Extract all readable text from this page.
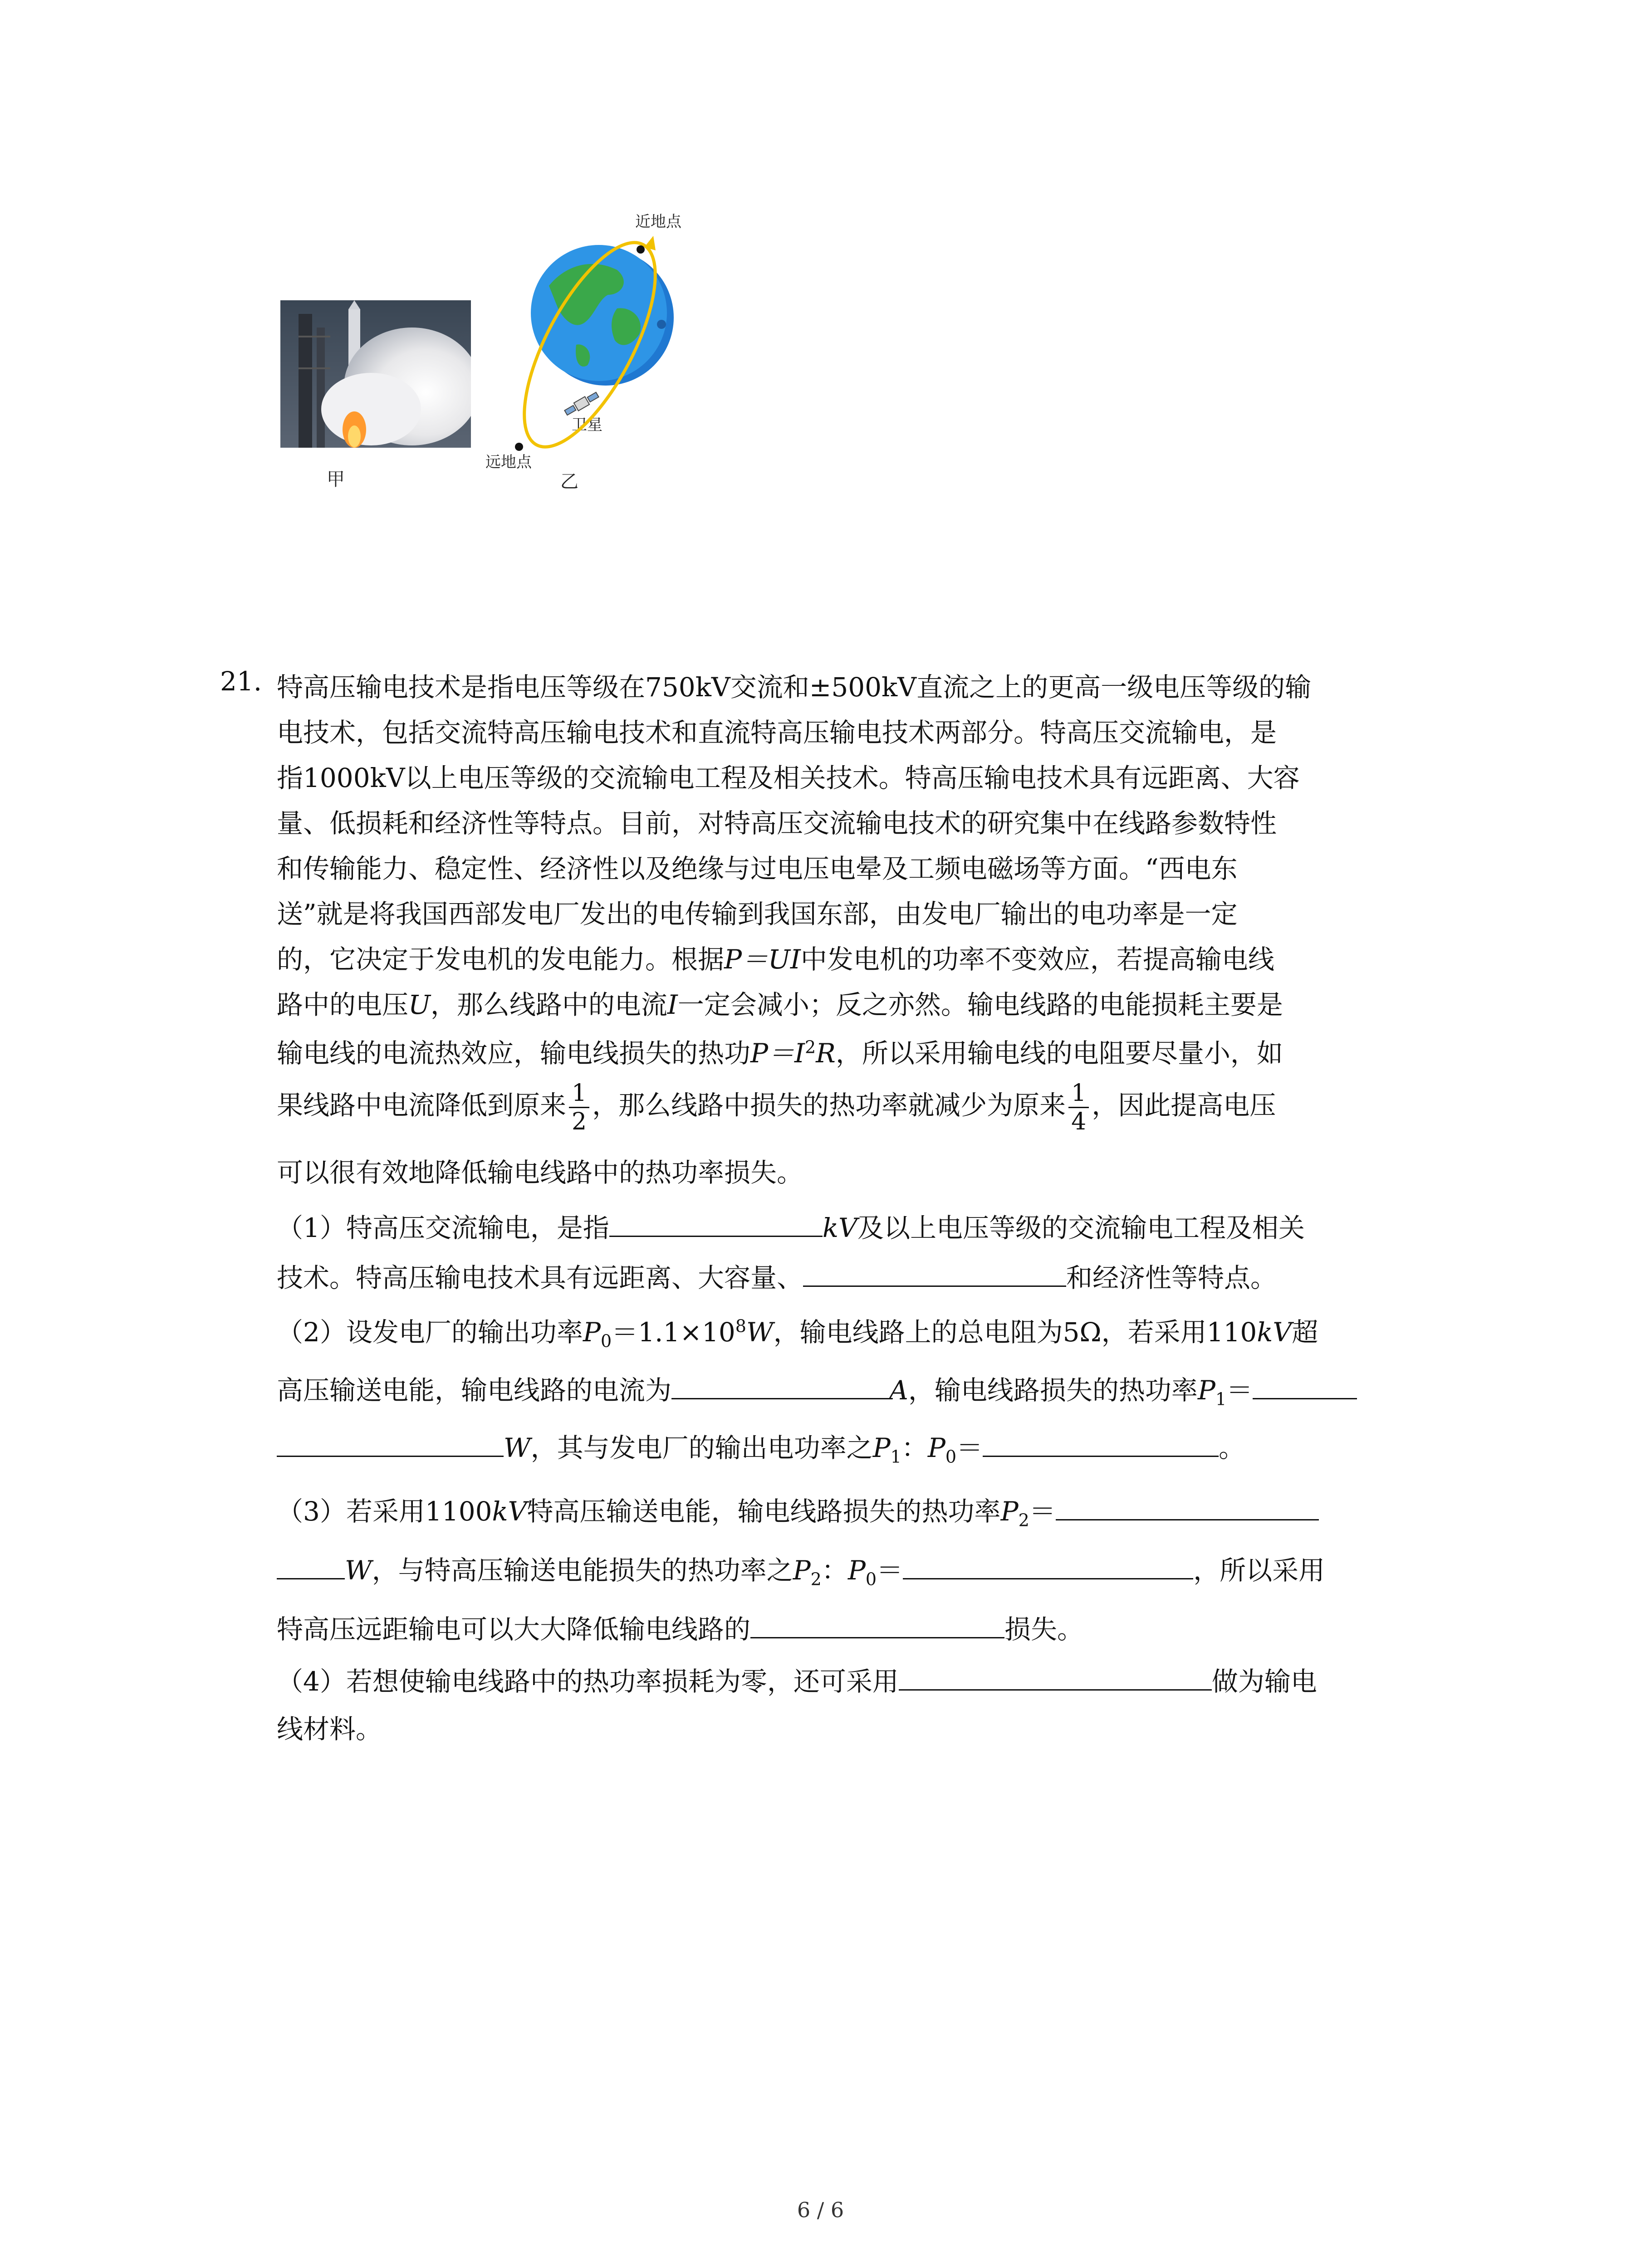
甲
近地点
远地点
卫星
乙
21. 特高压输电技术是指电压等级在750kV交流和±500kV直流之上的更高一级电压等级的输
电技术，包括交流特高压输电技术和直流特高压输电技术两部分。特高压交流输电，是
指1000kV以上电压等级的交流输电工程及相关技术。特高压输电技术具有远距离、大容
量、低损耗和经济性等特点。目前，对特高压交流输电技术的研究集中在线路参数特性
和传输能力、稳定性、经济性以及绝缘与过电压电晕及工频电磁场等方面。“西电东
送”就是将我国西部发电厂发出的电传输到我国东部，由发电厂输出的电功率是一定
的，它决定于发电机的发电能力。根据P＝UI中发电机的功率不变效应，若提高输电线
路中的电压U，那么线路中的电流I一定会减小；反之亦然。输电线路的电能损耗主要是
输电线的电流热效应，输电线损失的热功$P=I^2R$，所以采用输电线的电阻要尽量小，如
果线路中电流降低到原来 $\frac{1}{2}$ ，那么线路中损失的热功率就减少为原来 $\frac{1}{4}$ ，因此提高电压
可以很有效地降低输电线路中的热功率损失。
（1）特高压交流输电，是指	kV及以上电压等级的交流输电工程及相关
技术。特高压输电技术具有远距离、大容量、	和经济性等特点。
（2）设发电厂的输出功率$P_0=1.1\times 10^8W$，输电线路上的总电阻为5Ω，若采用110kV超
高压输送电能，输电线路的电流为	A，输电线路损失的热功率$P_1=$
W，其与发电厂的输出电功率之$P_1$：$P_0=$	。
（3）若采用1100kV特高压输送电能，输电线路损失的热功率$P_2=$
W，与特高压输送电能损失的热功率之$P_2$：$P_0=$	，所以采用
特高压远距输电可以大大降低输电线路的	损失。
（4）若想使输电线路中的热功率损耗为零，还可采用	做为输电
线材料。
6 / 6
